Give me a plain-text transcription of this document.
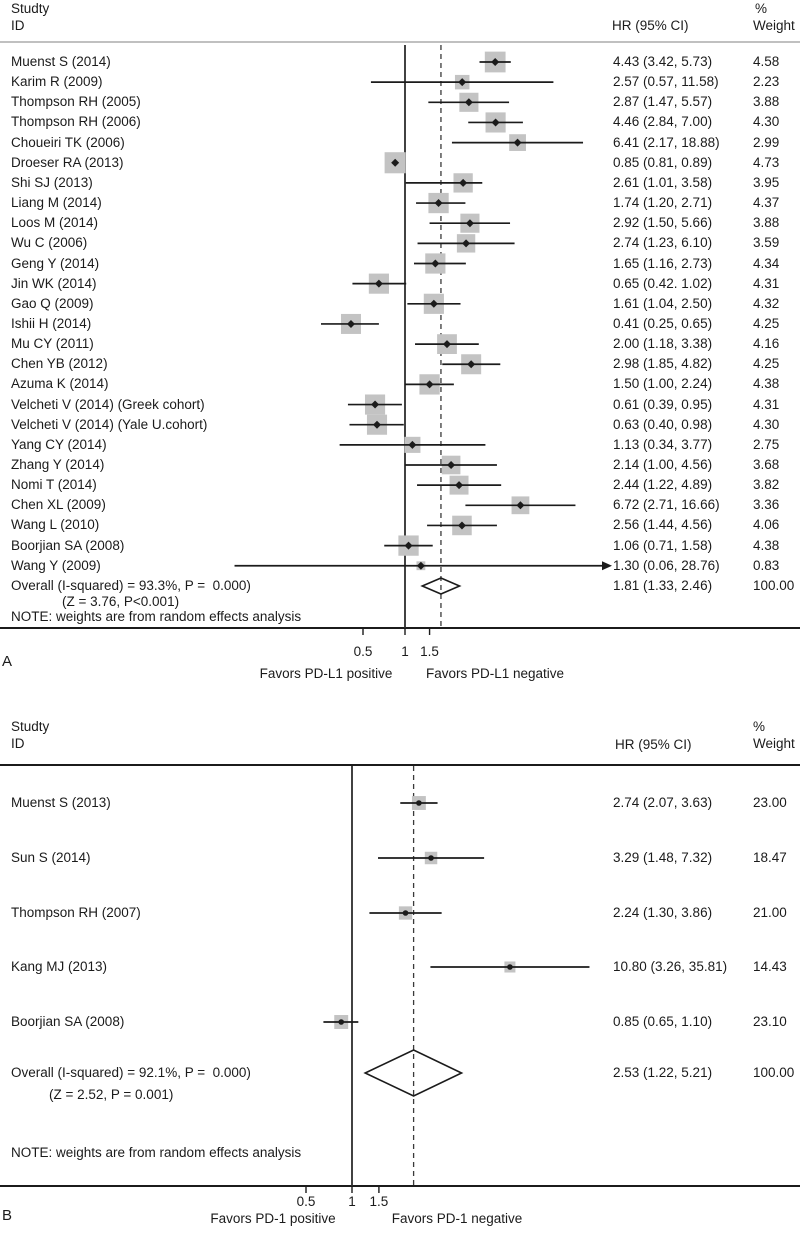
0.5 1 1.5
Muenst S (2014)	4.43 (3.42, 5.73)	4.58
Karim R (2009)	2.57 (0.57, 11.58)	2.23
Thompson RH (2005)	2.87 (1.47, 5.57)	3.88
Thompson RH (2006)	4.46 (2.84, 7.00)	4.30
Choueiri TK (2006)	6.41 (2.17, 18.88) 2.99
Droeser RA (2013)	0.85 (0.81, 0.89)	4.73
Shi SJ (2013)	2.61 (1.01, 3.58)	3.95
Liang M (2014)	1.74 (1.20, 2.71)	4.37
Loos M (2014)	2.92 (1.50, 5.66)	3.88
Wu C (2006)	2.74 (1.23, 6.10)	3.59
Geng Y (2014)	1.65 (1.16, 2.73)	4.34
Jin WK (2014)	0.65 (0.42. 1.02)	4.31
Gao Q (2009)	1.61 (1.04, 2.50)	4.32
Ishii H (2014)	0.41 (0.25, 0.65)	4.25
Mu CY (2011)	2.00 (1.18, 3.38)	4.16
Chen YB (2012)	2.98 (1.85, 4.82)	4.25
Azuma K (2014)	1.50 (1.00, 2.24)	4.38
Velcheti V (2014) (Greek cohort)	0.61 (0.39, 0.95)	4.31
Velcheti V (2014) (Yale U.cohort)	0.63 (0.40, 0.98)	4.30
Yang CY (2014)	1.13 (0.34, 3.77)	2.75
Zhang Y (2014)	2.14 (1.00, 4.56)	3.68
Nomi T (2014)	2.44 (1.22, 4.89)	3.82
Chen XL (2009)	6.72 (2.71, 16.66) 3.36
Wang L (2010)	2.56 (1.44, 4.56)	4.06
Boorjian SA (2008)	1.06 (0.71, 1.58)	4.38
Wang Y (2009)	1.30 (0.06, 28.76) 0.83
Overall (I-squared) = 93.3%, P =  0.000)
(Z = 3.76, P<0.001)
1.81 (1.33, 2.46)	100.00
NOTE: weights are from random effects analysis
Favors PD-L1 positive Favors PD-L1 negative
Studty
ID	HR (95% CI)
%
Weight
A
0.5 1 1.5
Muenst S (2013)	2.74 (2.07, 3.63)	23.00
Sun S (2014)	3.29 (1.48, 7.32)	18.47
Thompson RH (2007)	2.24 (1.30, 3.86)	21.00
Kang MJ (2013)	10.80 (3.26, 35.81) 14.43
Boorjian SA (2008)	0.85 (0.65, 1.10)	23.10
Overall (I-squared) = 92.1%, P =  0.000)
(Z = 2.52, P = 0.001)
2.53 (1.22, 5.21)	100.00
NOTE: weights are from random effects analysis
Favors PD-1 positive	Favors PD-1 negative
Studty
ID	HR (95% CI)
%
Weight
B
